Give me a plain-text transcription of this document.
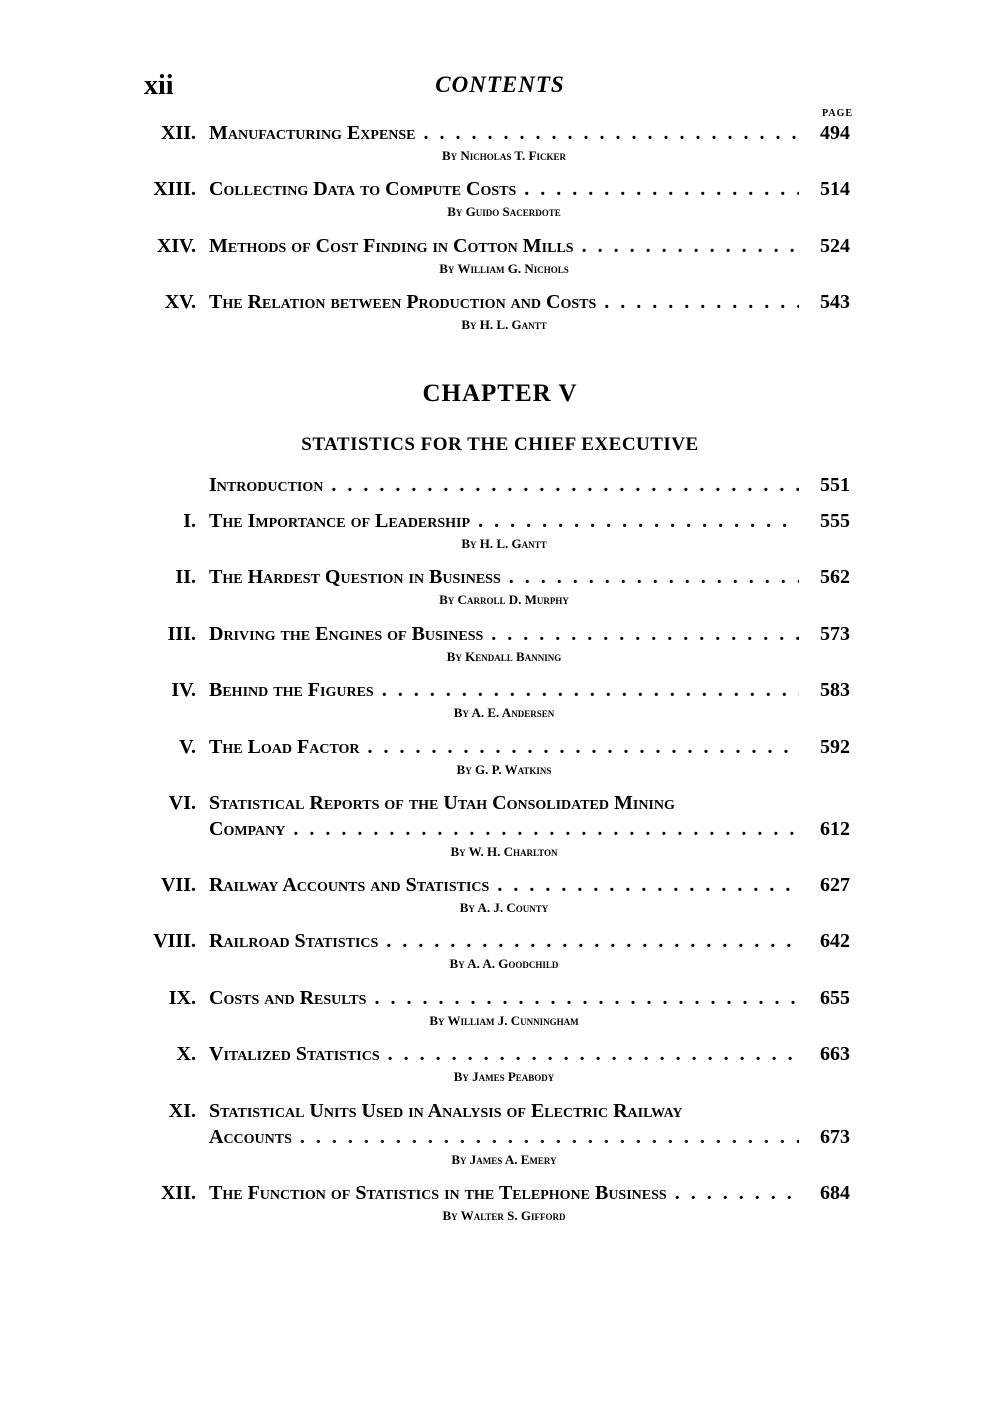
xii	CONTENTS
PAGE
XII. Manufacturing Expense . . .	494
By Nicholas T. Ficker
XIII. Collecting Data to Compute Costs . . .	514
By Guido Sacerdote
XIV. Methods of Cost Finding in Cotton Mills . . .	524
By William G. Nichols
XV. The Relation between Production and Costs . . .	543
By H. L. Gantt
CHAPTER V
STATISTICS FOR THE CHIEF EXECUTIVE
Introduction . . .	551
I. The Importance of Leadership . . .	555
By H. L. Gantt
II. The Hardest Question in Business . . .	562
By Carroll D. Murphy
III. Driving the Engines of Business . . .	573
By Kendall Banning
IV. Behind the Figures . . .	583
By A. E. Andersen
V. The Load Factor . . .	592
By G. P. Watkins
VI. Statistical Reports of the Utah Consolidated Mining
Company . . .	612
By W. H. Charlton
VII. Railway Accounts and Statistics . . .	627
By A. J. County
VIII. Railroad Statistics . . .	642
By A. A. Goodchild
IX. Costs and Results . . .	655
By William J. Cunningham
X. Vitalized Statistics . . .	663
By James Peabody
XI. Statistical Units Used in Analysis of Electric Railway
Accounts . . .	673
By James A. Emery
XII. The Function of Statistics in the Telephone Business . . .	684
By Walter S. Gifford
